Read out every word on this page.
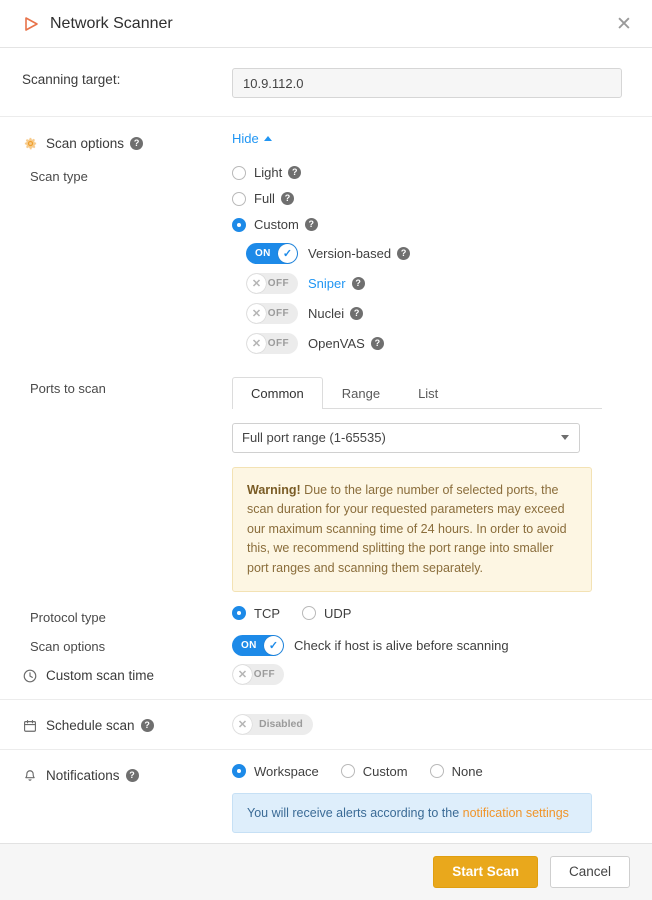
Network Scanner	✕
Scanning target:
10.9.112.0
Scan options	?	Hide
Scan type	Light	?
Full	?
Custom	?
ON	✓	Version-based	?
✕ OFF	Sniper	?
✕ OFF	Nuclei	?
✕ OFF	OpenVAS	?
Ports to scan	Common	Range	List
Full port range (1-65535)
Warning! Due to the large number of selected ports, the scan duration for your requested parameters may exceed our maximum scanning time of 24 hours. In order to avoid this, we recommend splitting the port range into smaller port ranges and scanning them separately.
Protocol type	TCP	UDP
Scan options	ON	✓	Check if host is alive before scanning
Custom scan time	✕ OFF
Schedule scan	?	✕	Disabled
Notifications	?	Workspace	Custom	None
You will receive alerts according to the notification settings
Start Scan	Cancel
